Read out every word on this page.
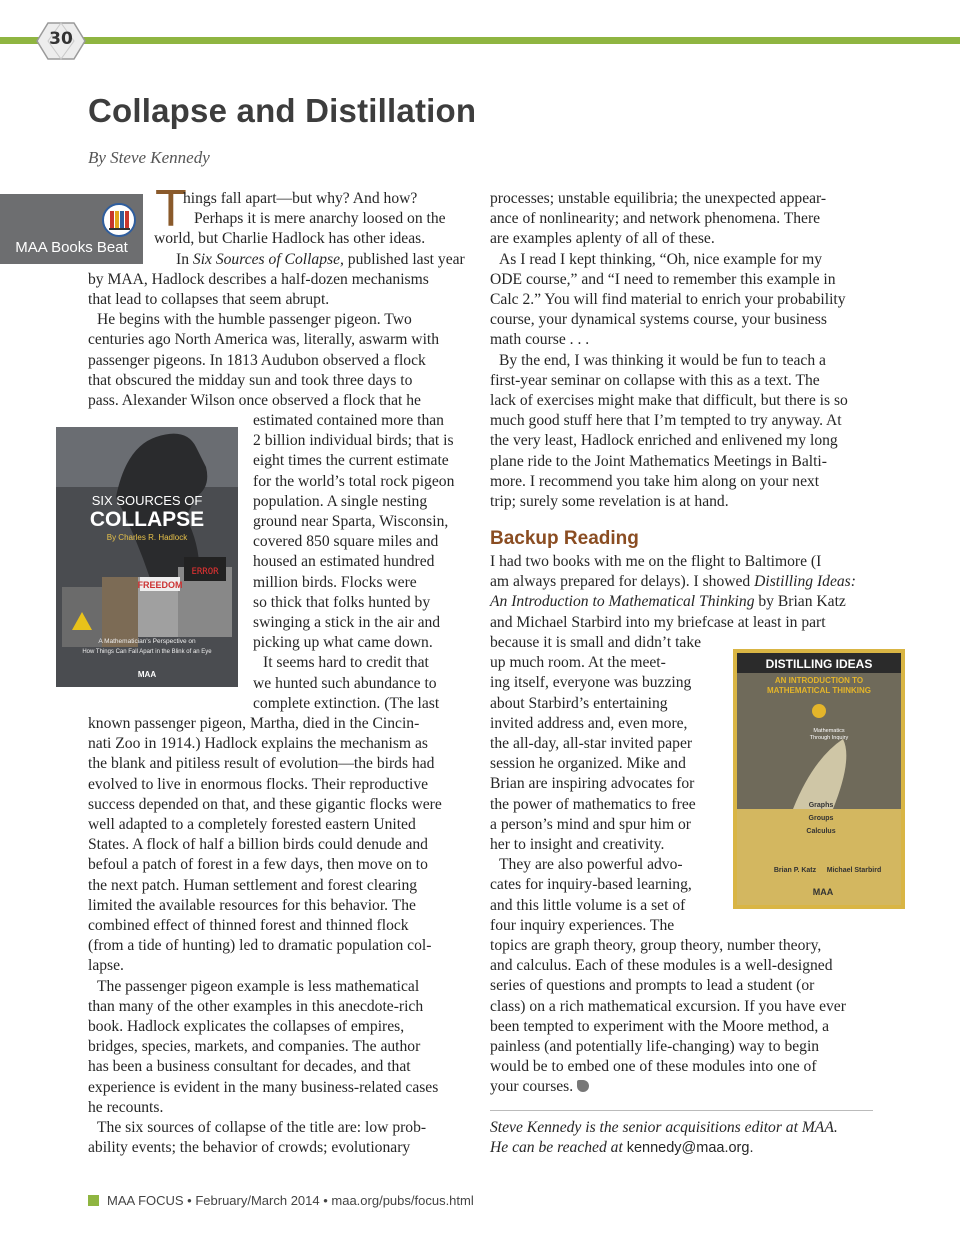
30
Collapse and Distillation
By Steve Kennedy
MAA Books Beat
T
ERROR
FREEDOM
SIX SOURCES OF
COLLAPSE
By Charles R. Hadlock
A Mathematician's Perspective on
How Things Can Fall Apart in the Blink of an Eye
MAA
Backup Reading
DISTILLING IDEAS
AN INTRODUCTION TO
MATHEMATICAL THINKING
Mathematics
Through Inquiry
Graphs
Groups
Calculus
Brian P. Katz Michael Starbird
MAA
Steve Kennedy is the senior acquisitions editor at MAA.
He can be reached at kennedy@maa.org.
MAA FOCUS • February/March 2014 • maa.org/pubs/focus.html
hings fall apart—but why? And how?
Perhaps it is mere anarchy loosed on the
world, but Charlie Hadlock has other ideas.
In Six Sources of Collapse, published last year
by MAA, Hadlock describes a half-dozen mechanisms
that lead to collapses that seem abrupt.
He begins with the humble passenger pigeon. Two
centuries ago North America was, literally, aswarm with
passenger pigeons. In 1813 Audubon observed a flock
that obscured the midday sun and took three days to
pass. Alexander Wilson once observed a flock that he
estimated contained more than
2 billion individual birds; that is
eight times the current estimate
for the world’s total rock pigeon
population. A single nesting
ground near Sparta, Wisconsin,
covered 850 square miles and
housed an estimated hundred
million birds. Flocks were
so thick that folks hunted by
swinging a stick in the air and
picking up what came down.
It seems hard to credit that
we hunted such abundance to
complete extinction. (The last
known passenger pigeon, Martha, died in the Cincin-
nati Zoo in 1914.) Hadlock explains the mechanism as
the blank and pitiless result of evolution—the birds had
evolved to live in enormous flocks. Their reproductive
success depended on that, and these gigantic flocks were
well adapted to a completely forested eastern United
States. A flock of half a billion birds could denude and
befoul a patch of forest in a few days, then move on to
the next patch. Human settlement and forest clearing
limited the available resources for this behavior. The
combined effect of thinned forest and thinned flock
(from a tide of hunting) led to dramatic population col-
lapse.
The passenger pigeon example is less mathematical
than many of the other examples in this anecdote-rich
book. Hadlock explicates the collapses of empires,
bridges, species, markets, and companies. The author
has been a business consultant for decades, and that
experience is evident in the many business-related cases
he recounts.
The six sources of collapse of the title are: low prob-
ability events; the behavior of crowds; evolutionary
processes; unstable equilibria; the unexpected appear-
ance of nonlinearity; and network phenomena. There
are examples aplenty of all of these.
As I read I kept thinking, “Oh, nice example for my
ODE course,” and “I need to remember this example in
Calc 2.” You will find material to enrich your probability
course, your dynamical systems course, your business
math course . . .
By the end, I was thinking it would be fun to teach a
first-year seminar on collapse with this as a text. The
lack of exercises might make that difficult, but there is so
much good stuff here that I’m tempted to try anyway. At
the very least, Hadlock enriched and enlivened my long
plane ride to the Joint Mathematics Meetings in Balti-
more. I recommend you take him along on your next
trip; surely some revelation is at hand.
I had two books with me on the flight to Baltimore (I
am always prepared for delays). I showed Distilling Ideas:
An Introduction to Mathematical Thinking by Brian Katz
and Michael Starbird into my briefcase at least in part
because it is small and didn’t take
up much room. At the meet-
ing itself, everyone was buzzing
about Starbird’s entertaining
invited address and, even more,
the all-day, all-star invited paper
session he organized. Mike and
Brian are inspiring advocates for
the power of mathematics to free
a person’s mind and spur him or
her to insight and creativity.
They are also powerful advo-
cates for inquiry-based learning,
and this little volume is a set of
four inquiry experiences. The
topics are graph theory, group theory, number theory,
and calculus. Each of these modules is a well-designed
series of questions and prompts to lead a student (or
class) on a rich mathematical excursion. If you have ever
been tempted to experiment with the Moore method, a
painless (and potentially life-changing) way to begin
would be to embed one of these modules into one of
your courses.
